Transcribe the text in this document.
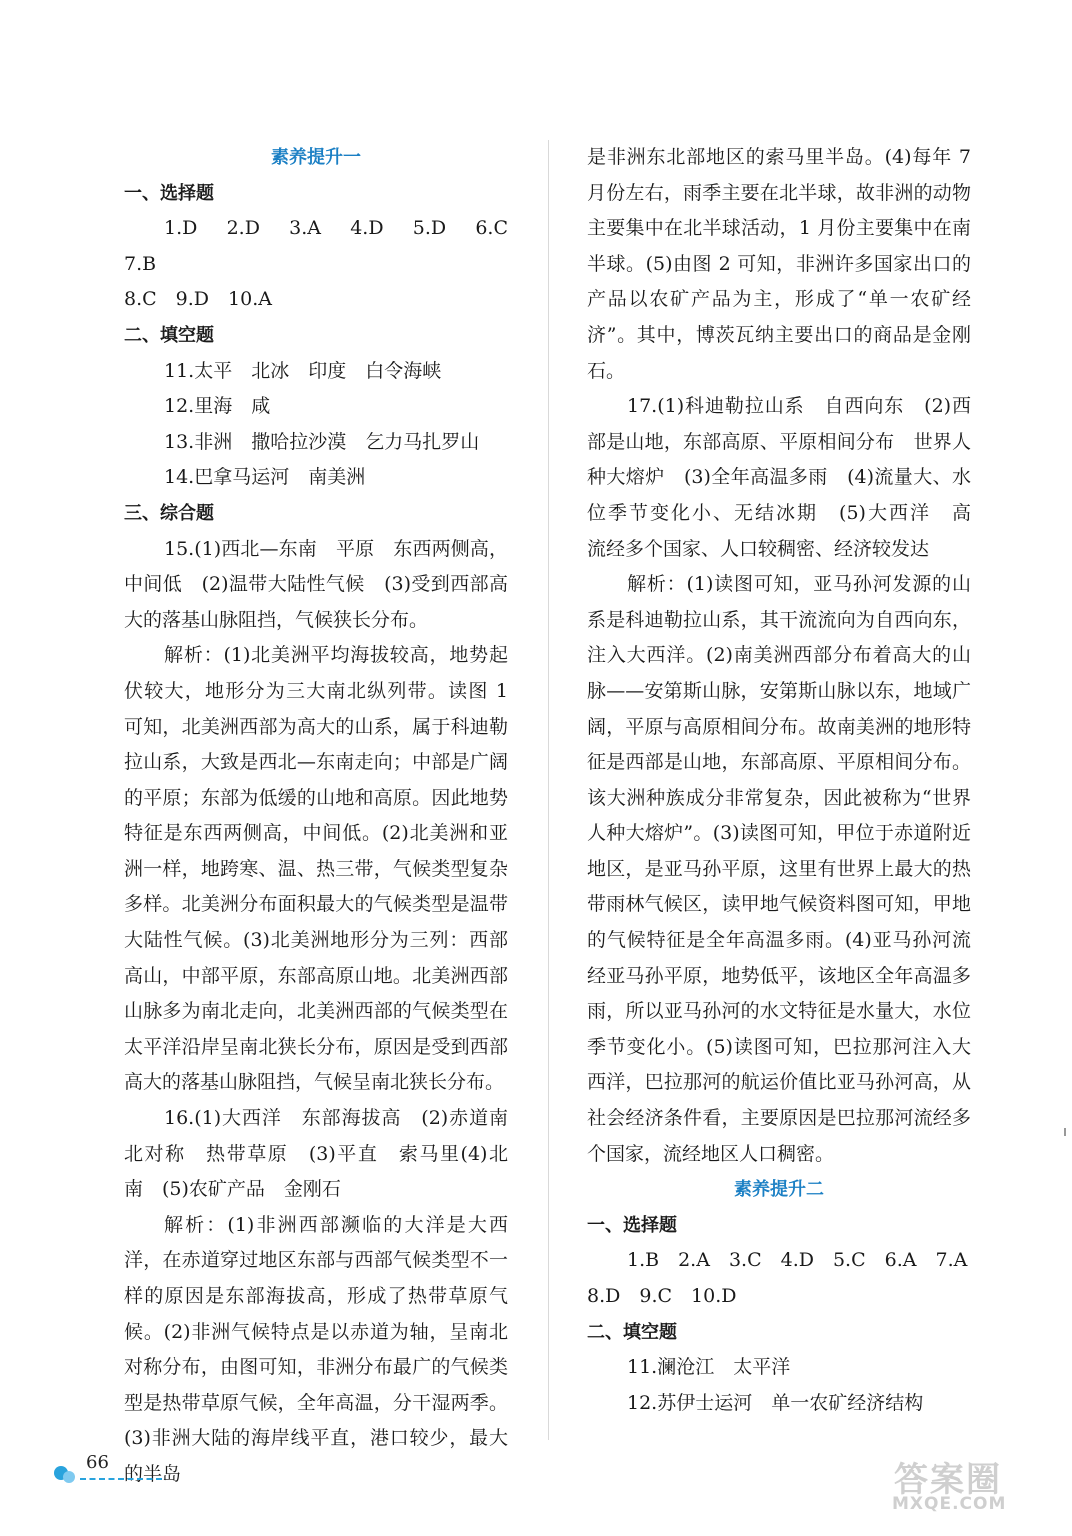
素养提升一
一、选择题

1.D　2.D　3.A　4.D　5.D　6.C　7.B

8.C　9.D　10.A

二、填空题

11.太平　北冰　印度　白令海峡

12.里海　咸

13.非洲　撒哈拉沙漠　乞力马扎罗山

14.巴拿马运河　南美洲

三、综合题

15.(1)西北—东南　平原　东西两侧高，中间低　(2)温带大陆性气候　(3)受到西部高大的落基山脉阻挡，气候狭长分布。

解析：(1)北美洲平均海拔较高，地势起伏较大，地形分为三大南北纵列带。读图 1 可知，北美洲西部为高大的山系，属于科迪勒拉山系，大致是西北—东南走向；中部是广阔的平原；东部为低缓的山地和高原。因此地势特征是东西两侧高，中间低。(2)北美洲和亚洲一样，地跨寒、温、热三带，气候类型复杂多样。北美洲分布面积最大的气候类型是温带大陆性气候。(3)北美洲地形分为三列：西部高山，中部平原，东部高原山地。北美洲西部山脉多为南北走向，北美洲西部的气候类型在太平洋沿岸呈南北狭长分布，原因是受到西部高大的落基山脉阻挡，气候呈南北狭长分布。

16.(1)大西洋　东部海拔高　(2)赤道南北对称　热带草原　(3)平直　索马里(4)北　南　(5)农矿产品　金刚石

解析：(1)非洲西部濒临的大洋是大西洋，在赤道穿过地区东部与西部气候类型不一样的原因是东部海拔高，形成了热带草原气候。(2)非洲气候特点是以赤道为轴，呈南北对称分布，由图可知，非洲分布最广的气候类型是热带草原气候，全年高温，分干湿两季。(3)非洲大陆的海岸线平直，港口较少，最大的半岛

是非洲东北部地区的索马里半岛。(4)每年 7 月份左右，雨季主要在北半球，故非洲的动物主要集中在北半球活动，1 月份主要集中在南半球。(5)由图 2 可知，非洲许多国家出口的产品以农矿产品为主，形成了“单一农矿经济”。其中，博茨瓦纳主要出口的商品是金刚石。

17.(1)科迪勒拉山系　自西向东　(2)西部是山地，东部高原、平原相间分布　世界人种大熔炉　(3)全年高温多雨　(4)流量大、水位季节变化小、无结冰期　(5)大西洋　高　流经多个国家、人口较稠密、经济较发达

解析：(1)读图可知，亚马孙河发源的山系是科迪勒拉山系，其干流流向为自西向东，注入大西洋。(2)南美洲西部分布着高大的山脉——安第斯山脉，安第斯山脉以东，地域广阔，平原与高原相间分布。故南美洲的地形特征是西部是山地，东部高原、平原相间分布。该大洲种族成分非常复杂，因此被称为“世界人种大熔炉”。(3)读图可知，甲位于赤道附近地区，是亚马孙平原，这里有世界上最大的热带雨林气候区，读甲地气候资料图可知，甲地的气候特征是全年高温多雨。(4)亚马孙河流经亚马孙平原，地势低平，该地区全年高温多雨，所以亚马孙河的水文特征是水量大，水位季节变化小。(5)读图可知，巴拉那河注入大西洋，巴拉那河的航运价值比亚马孙河高，从社会经济条件看，主要原因是巴拉那河流经多个国家，流经地区人口稠密。

素养提升二
一、选择题

1.B　2.A　3.C　4.D　5.C　6.A　7.A

8.D　9.C　10.D

二、填空题

11.澜沧江　太平洋

12.苏伊士运河　单一农矿经济结构

66	答案圈
MXQE.COM
